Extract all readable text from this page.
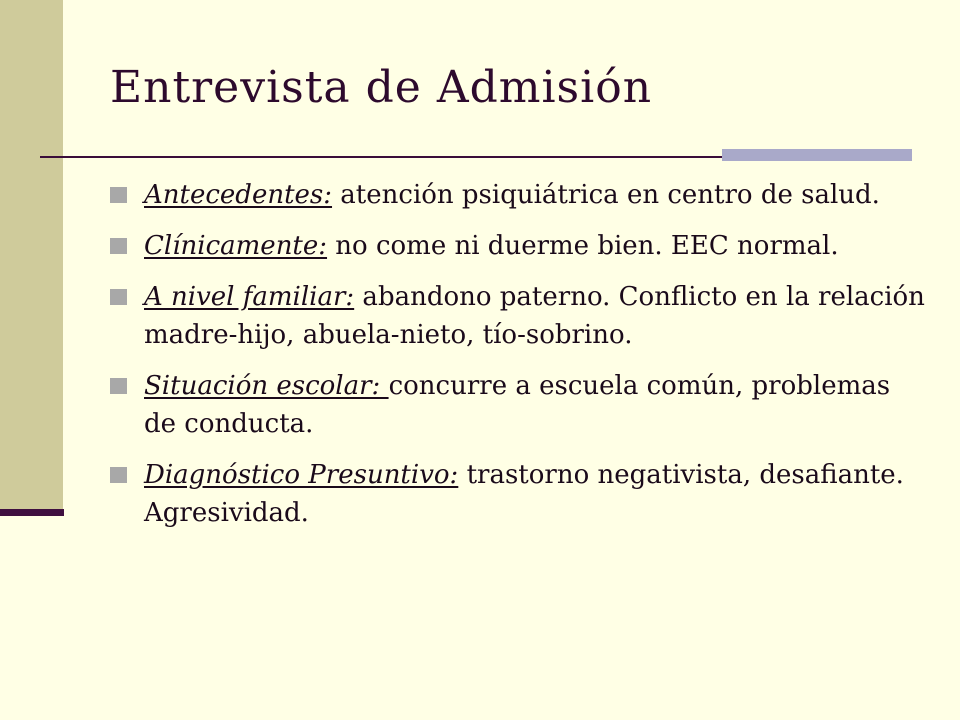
Entrevista de Admisión
Antecedentes: atención psiquiátrica en centro de salud.
Clínicamente: no come ni duerme bien. EEC normal.
A nivel familiar: abandono paterno. Conflicto en la relación madre-hijo, abuela-nieto, tío-sobrino.
Situación escolar: concurre a escuela común, problemas de conducta.
Diagnóstico Presuntivo: trastorno negativista, desafiante. Agresividad.
